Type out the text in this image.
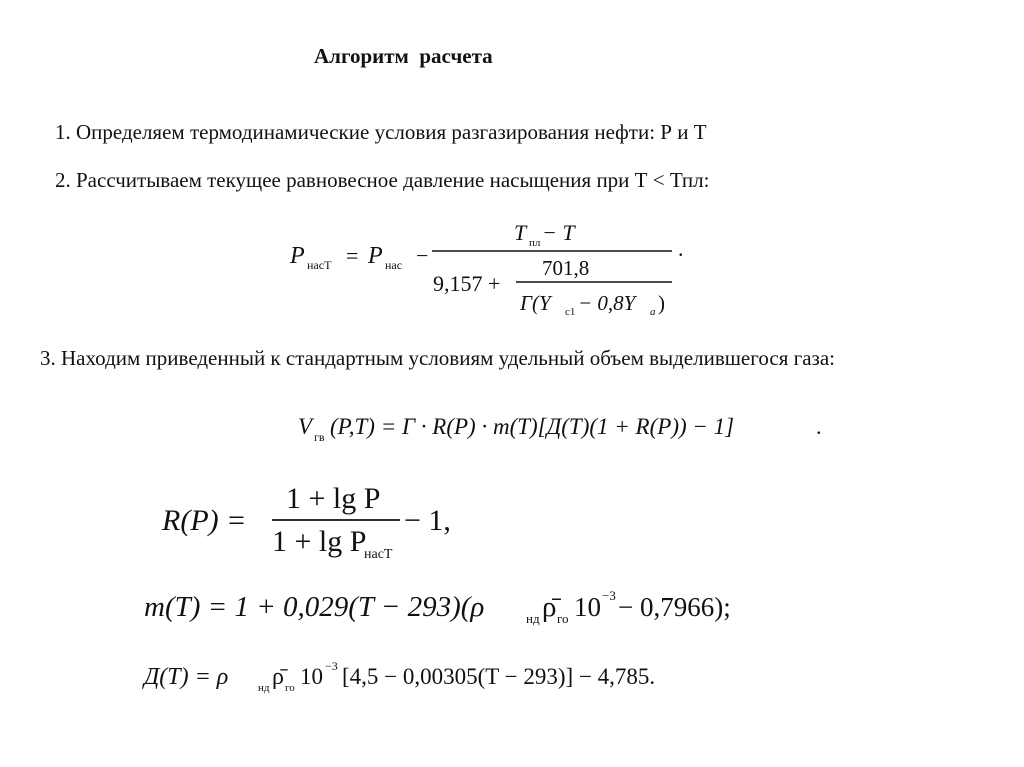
Алгоритм  расчета
1. Определяем термодинамические условия разгазирования нефти: Р и Т
2. Рассчитываем текущее равновесное давление насыщения при Т < Тпл:
P насТ = P нас −
T пл − T
9,157 +
701,8
Г(Y c1 − 0,8Y a )
.
3. Находим приведенный к стандартным условиям удельный объем выделившегося газа:
V гв (P,T) = Г · R(P) · m(T)[Д(T)(1 + R(P)) − 1]	.
R(P) =
1 + lg P
1 + lg P
насТ
− 1,
m(T) = 1 + 0,029(T − 293)(ρ	нд ρ̄ го 10 −3 − 0,7966);
Д(T) = ρ	нд ρ̄ го 10 −3 [4,5 − 0,00305(T − 293)] − 4,785.
